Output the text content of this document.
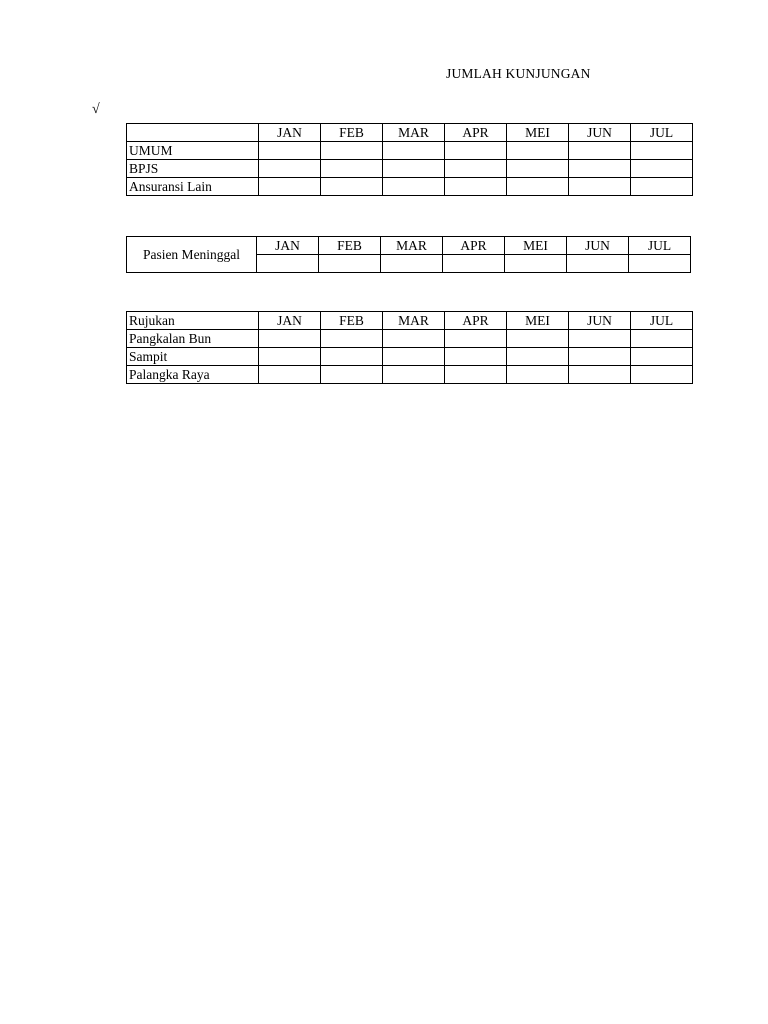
JUMLAH KUNJUNGAN
√
	JAN	FEB	MAR	APR	MEI	JUN	JUL
UMUM							
BPJS							
Ansuransi Lain							
Pasien Meninggal	JAN	FEB	MAR	APR	MEI	JUN	JUL

Rujukan	JAN	FEB	MAR	APR	MEI	JUN	JUL
Pangkalan Bun							
Sampit							
Palangka Raya							
